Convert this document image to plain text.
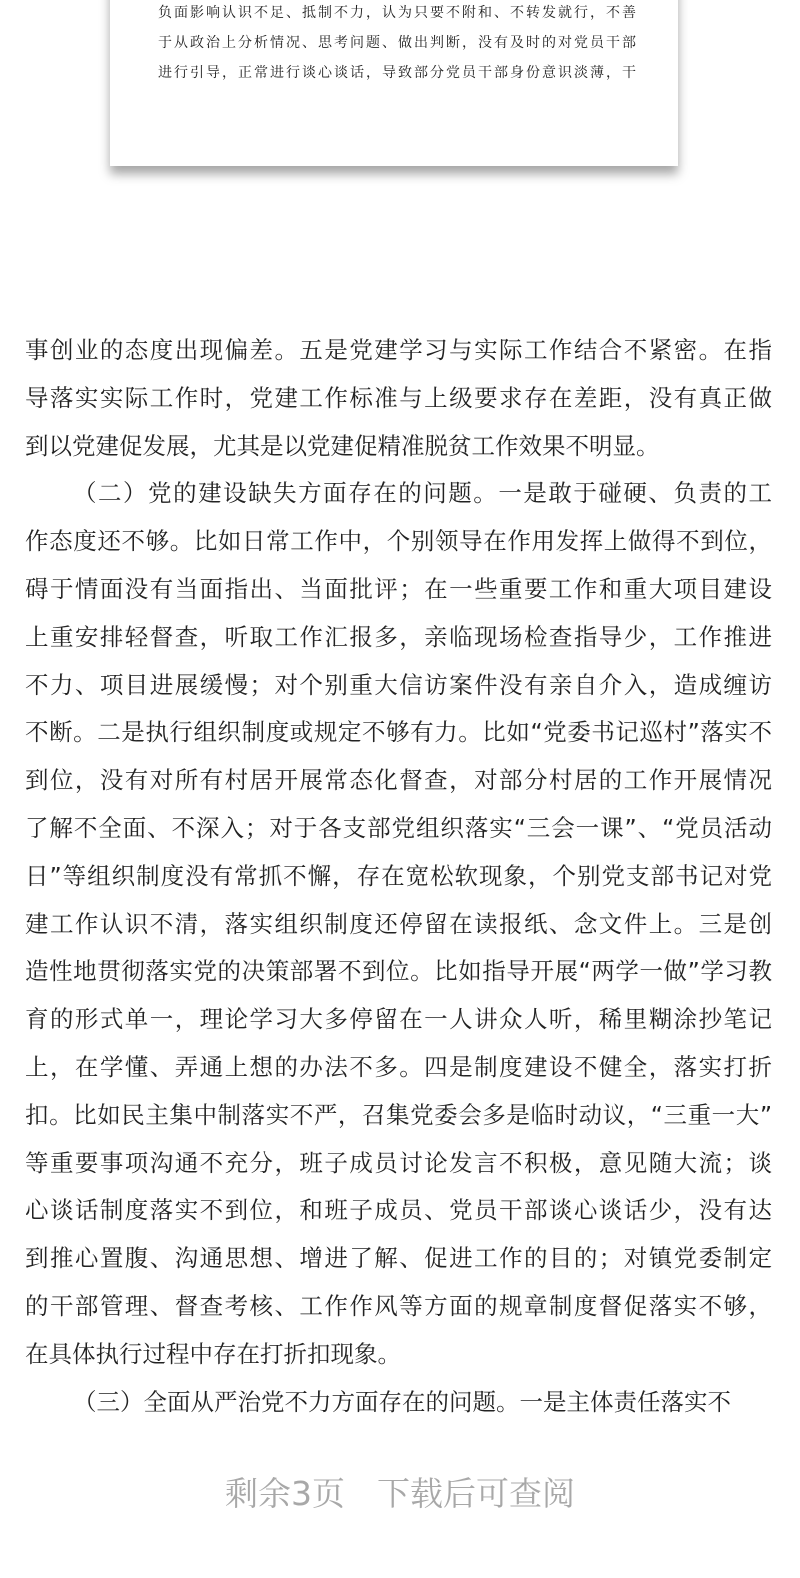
负面影响认识不足、抵制不力，认为只要不附和、不转发就行，不善
于从政治上分析情况、思考问题、做出判断，没有及时的对党员干部
进行引导，正常进行谈心谈话，导致部分党员干部身份意识淡薄，干
事创业的态度出现偏差。五是党建学习与实际工作结合不紧密。在指
导落实实际工作时，党建工作标准与上级要求存在差距，没有真正做
到以党建促发展，尤其是以党建促精准脱贫工作效果不明显。
（二）党的建设缺失方面存在的问题。一是敢于碰硬、负责的工
作态度还不够。比如日常工作中，个别领导在作用发挥上做得不到位，
碍于情面没有当面指出、当面批评；在一些重要工作和重大项目建设
上重安排轻督查，听取工作汇报多，亲临现场检查指导少，工作推进
不力、项目进展缓慢；对个别重大信访案件没有亲自介入，造成缠访
不断。二是执行组织制度或规定不够有力。比如“党委书记巡村”落实不
到位，没有对所有村居开展常态化督查，对部分村居的工作开展情况
了解不全面、不深入；对于各支部党组织落实“三会一课”、“党员活动
日”等组织制度没有常抓不懈，存在宽松软现象，个别党支部书记对党
建工作认识不清，落实组织制度还停留在读报纸、念文件上。三是创
造性地贯彻落实党的决策部署不到位。比如指导开展“两学一做”学习教
育的形式单一，理论学习大多停留在一人讲众人听，稀里糊涂抄笔记
上，在学懂、弄通上想的办法不多。四是制度建设不健全，落实打折
扣。比如民主集中制落实不严，召集党委会多是临时动议，“三重一大”
等重要事项沟通不充分，班子成员讨论发言不积极，意见随大流；谈
心谈话制度落实不到位，和班子成员、党员干部谈心谈话少，没有达
到推心置腹、沟通思想、增进了解、促进工作的目的；对镇党委制定
的干部管理、督查考核、工作作风等方面的规章制度督促落实不够，
在具体执行过程中存在打折扣现象。
（三）全面从严治党不力方面存在的问题。一是主体责任落实不
剩余3页 下载后可查阅
